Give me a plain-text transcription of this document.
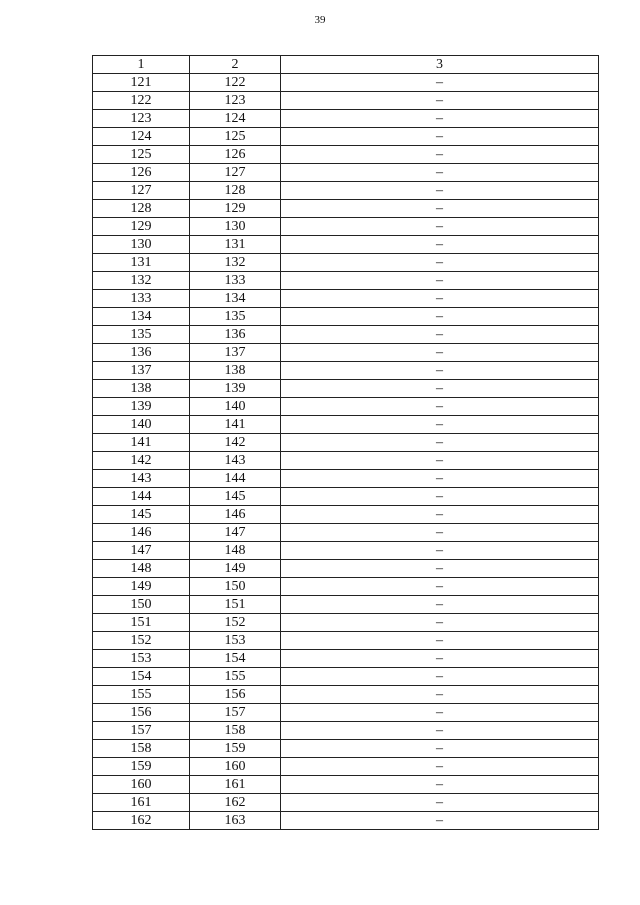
39
1	2	3
121	122	–
122	123	–
123	124	–
124	125	–
125	126	–
126	127	–
127	128	–
128	129	–
129	130	–
130	131	–
131	132	–
132	133	–
133	134	–
134	135	–
135	136	–
136	137	–
137	138	–
138	139	–
139	140	–
140	141	–
141	142	–
142	143	–
143	144	–
144	145	–
145	146	–
146	147	–
147	148	–
148	149	–
149	150	–
150	151	–
151	152	–
152	153	–
153	154	–
154	155	–
155	156	–
156	157	–
157	158	–
158	159	–
159	160	–
160	161	–
161	162	–
162	163	–
